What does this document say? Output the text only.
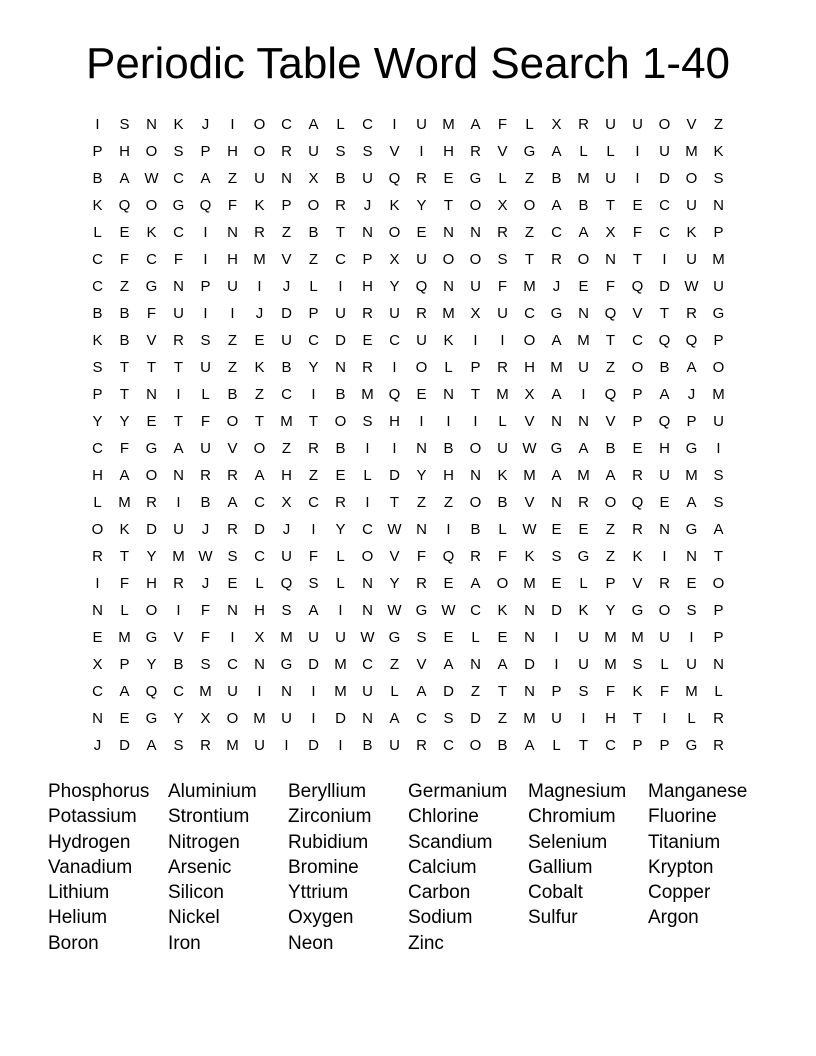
Periodic Table Word Search 1-40
I	S	N	K	J	I	O	C	A	L	C	I	U	M	A	F	L	X	R	U	U	O	V	Z
P	H	O	S	P	H	O	R	U	S	S	V	I	H	R	V	G	A	L	L	I	U	M	K
B	A W C	A	Z	U	N	X	B	U	Q	R	E	G	L	Z	B	M	U	I	D	O	S
K	Q	O	G	Q	F	K	P	O	R	J	K	Y	T	O	X	O	A	B	T	E	C	U	N
L	E	K	C	I	N	R	Z	B	T	N	O	E	N	N	R	Z	C	A	X	F	C	K	P
C	F	C	F	I	H	M	V	Z	C	P	X	U	O	O	S	T	R	O	N	T	I	U	M
C	Z	G	N	P	U	I	J	L	I	H	Y	Q	N	U	F	M	J	E	F	Q	D W U
B	B	F	U	I	I	J	D	P	U	R	U	R	M	X	U	C	G	N	Q	V	T	R	G
K	B	V	R	S	Z	E	U	C	D	E	C	U	K	I	I	O	A	M	T	C	Q	Q	P
S	T	T	T	U	Z	K	B	Y	N	R	I	O	L	P	R	H	M	U	Z	O	B	A	O
P	T	N	I	L	B	Z	C	I	B	M Q	E	N	T	M	X	A	I	Q	P	A	J	M
Y	Y	E	T	F	O	T	M	T	O	S	H	I	I	I	L	V	N	N	V	P	Q	P	U
C	F	G	A	U	V	O	Z	R	B	I	I	N	B	O	U W G	A	B	E	H	G	I
H	A	O	N	R	R	A	H	Z	E	L	D	Y	H	N	K	M	A	M	A	R	U	M	S
L	M	R	I	B	A	C	X	C	R	I	T	Z	Z	O	B	V	N	R	O	Q	E	A	S
O	K	D	U	J	R	D	J	I	Y	C W N	I	B	L	W E	E	Z	R	N	G	A
R	T	Y	M W S	C	U	F	L	O	V	F	Q	R	F	K	S	G	Z	K	I	N	T
I	F	H	R	J	E	L	Q	S	L	N	Y	R	E	A	O M	E	L	P	V	R	E	O
N	L	O	I	F	N	H	S	A	I	N W G W C	K	N	D	K	Y	G	O	S	P
E	M G	V	F	I	X	M	U	U W G	S	E	L	E	N	I	U	M M	U	I	P
X	P	Y	B	S	C	N	G	D	M	C	Z	V	A	N	A	D	I	U	M	S	L	U	N
C	A	Q	C	M	U	I	N	I	M	U	L	A	D	Z	T	N	P	S	F	K	F	M	L
N	E	G	Y	X	O M	U	I	D	N	A	C	S	D	Z	M	U	I	H	T	I	L	R
J	D	A	S	R	M	U	I	D	I	B	U	R	C	O	B	A	L	T	C	P	P	G	R
Phosphorus Aluminium	Beryllium	Germanium	Magnesium	Manganese
Potassium	Strontium	Zirconium	Chlorine	Chromium	Fluorine
Hydrogen	Nitrogen	Rubidium	Scandium	Selenium	Titanium
Vanadium	Arsenic	Bromine	Calcium	Gallium	Krypton
Lithium	Silicon	Yttrium	Carbon	Cobalt	Copper
Helium	Nickel	Oxygen	Sodium	Sulfur	Argon
Boron	Iron	Neon	Zinc
